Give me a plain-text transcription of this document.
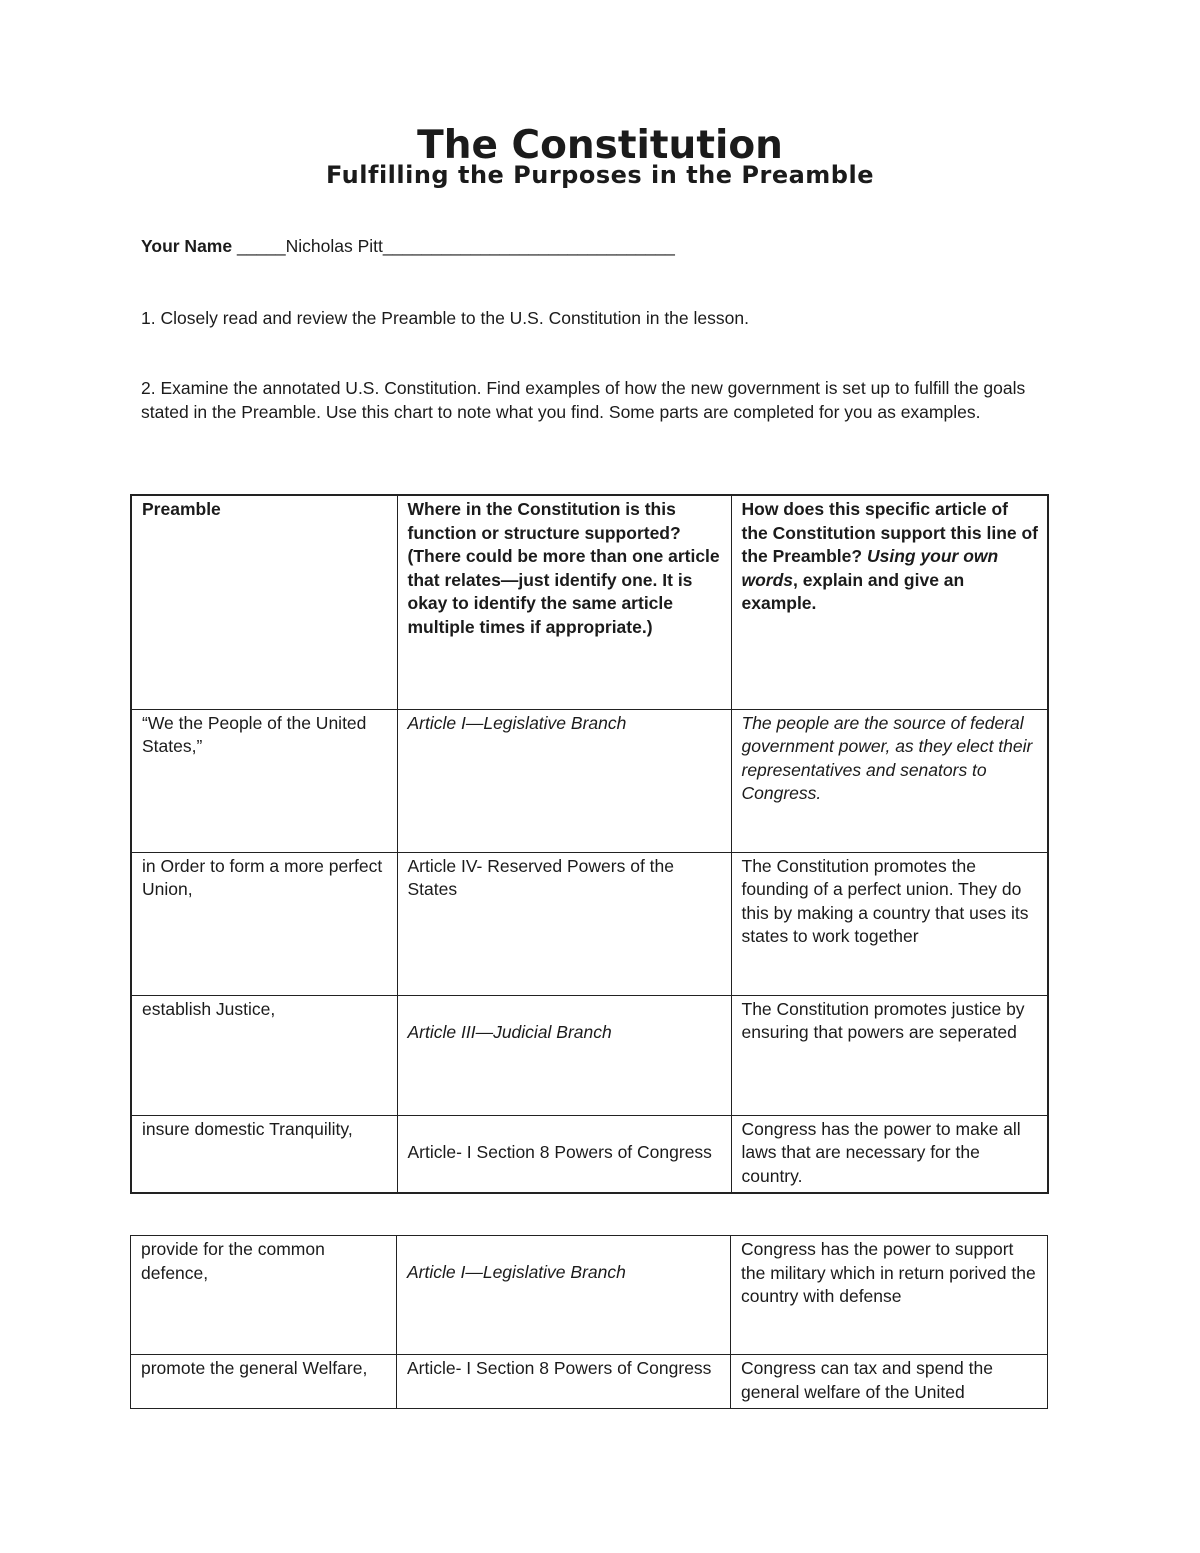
The Constitution
Fulfilling the Purposes in the Preamble
Your Name _____Nicholas Pitt______________________________
1. Closely read and review the Preamble to the U.S. Constitution in the lesson.
2. Examine the annotated U.S. Constitution. Find examples of how the new government is set up to fulfill the goals stated in the Preamble. Use this chart to note what you find. Some parts are completed for you as examples.
Preamble	Where in the Constitution is this function or structure supported? (There could be more than one article that relates—just identify one. It is okay to identify the same article multiple times if appropriate.)	How does this specific article of the Constitution support this line of the Preamble? Using your own words, explain and give an example.
“We the People of the United States,”	Article I—Legislative Branch	The people are the source of federal government power, as they elect their representatives and senators to Congress.
in Order to form a more perfect Union,	Article IV- Reserved Powers of the States	The Constitution promotes the founding of a perfect union. They do this by making a country that uses its states to work together
establish Justice,	Article III—Judicial Branch	The Constitution promotes justice by ensuring that powers are seperated
insure domestic Tranquility,	Article- I Section 8 Powers of Congress	Congress has the power to make all laws that are necessary for the country.
provide for the common defence,	Article I—Legislative Branch	Congress has the power to support the military which in return porived the country with defense
promote the general Welfare,	Article- I Section 8 Powers of Congress	Congress can tax and spend the general welfare of the United
